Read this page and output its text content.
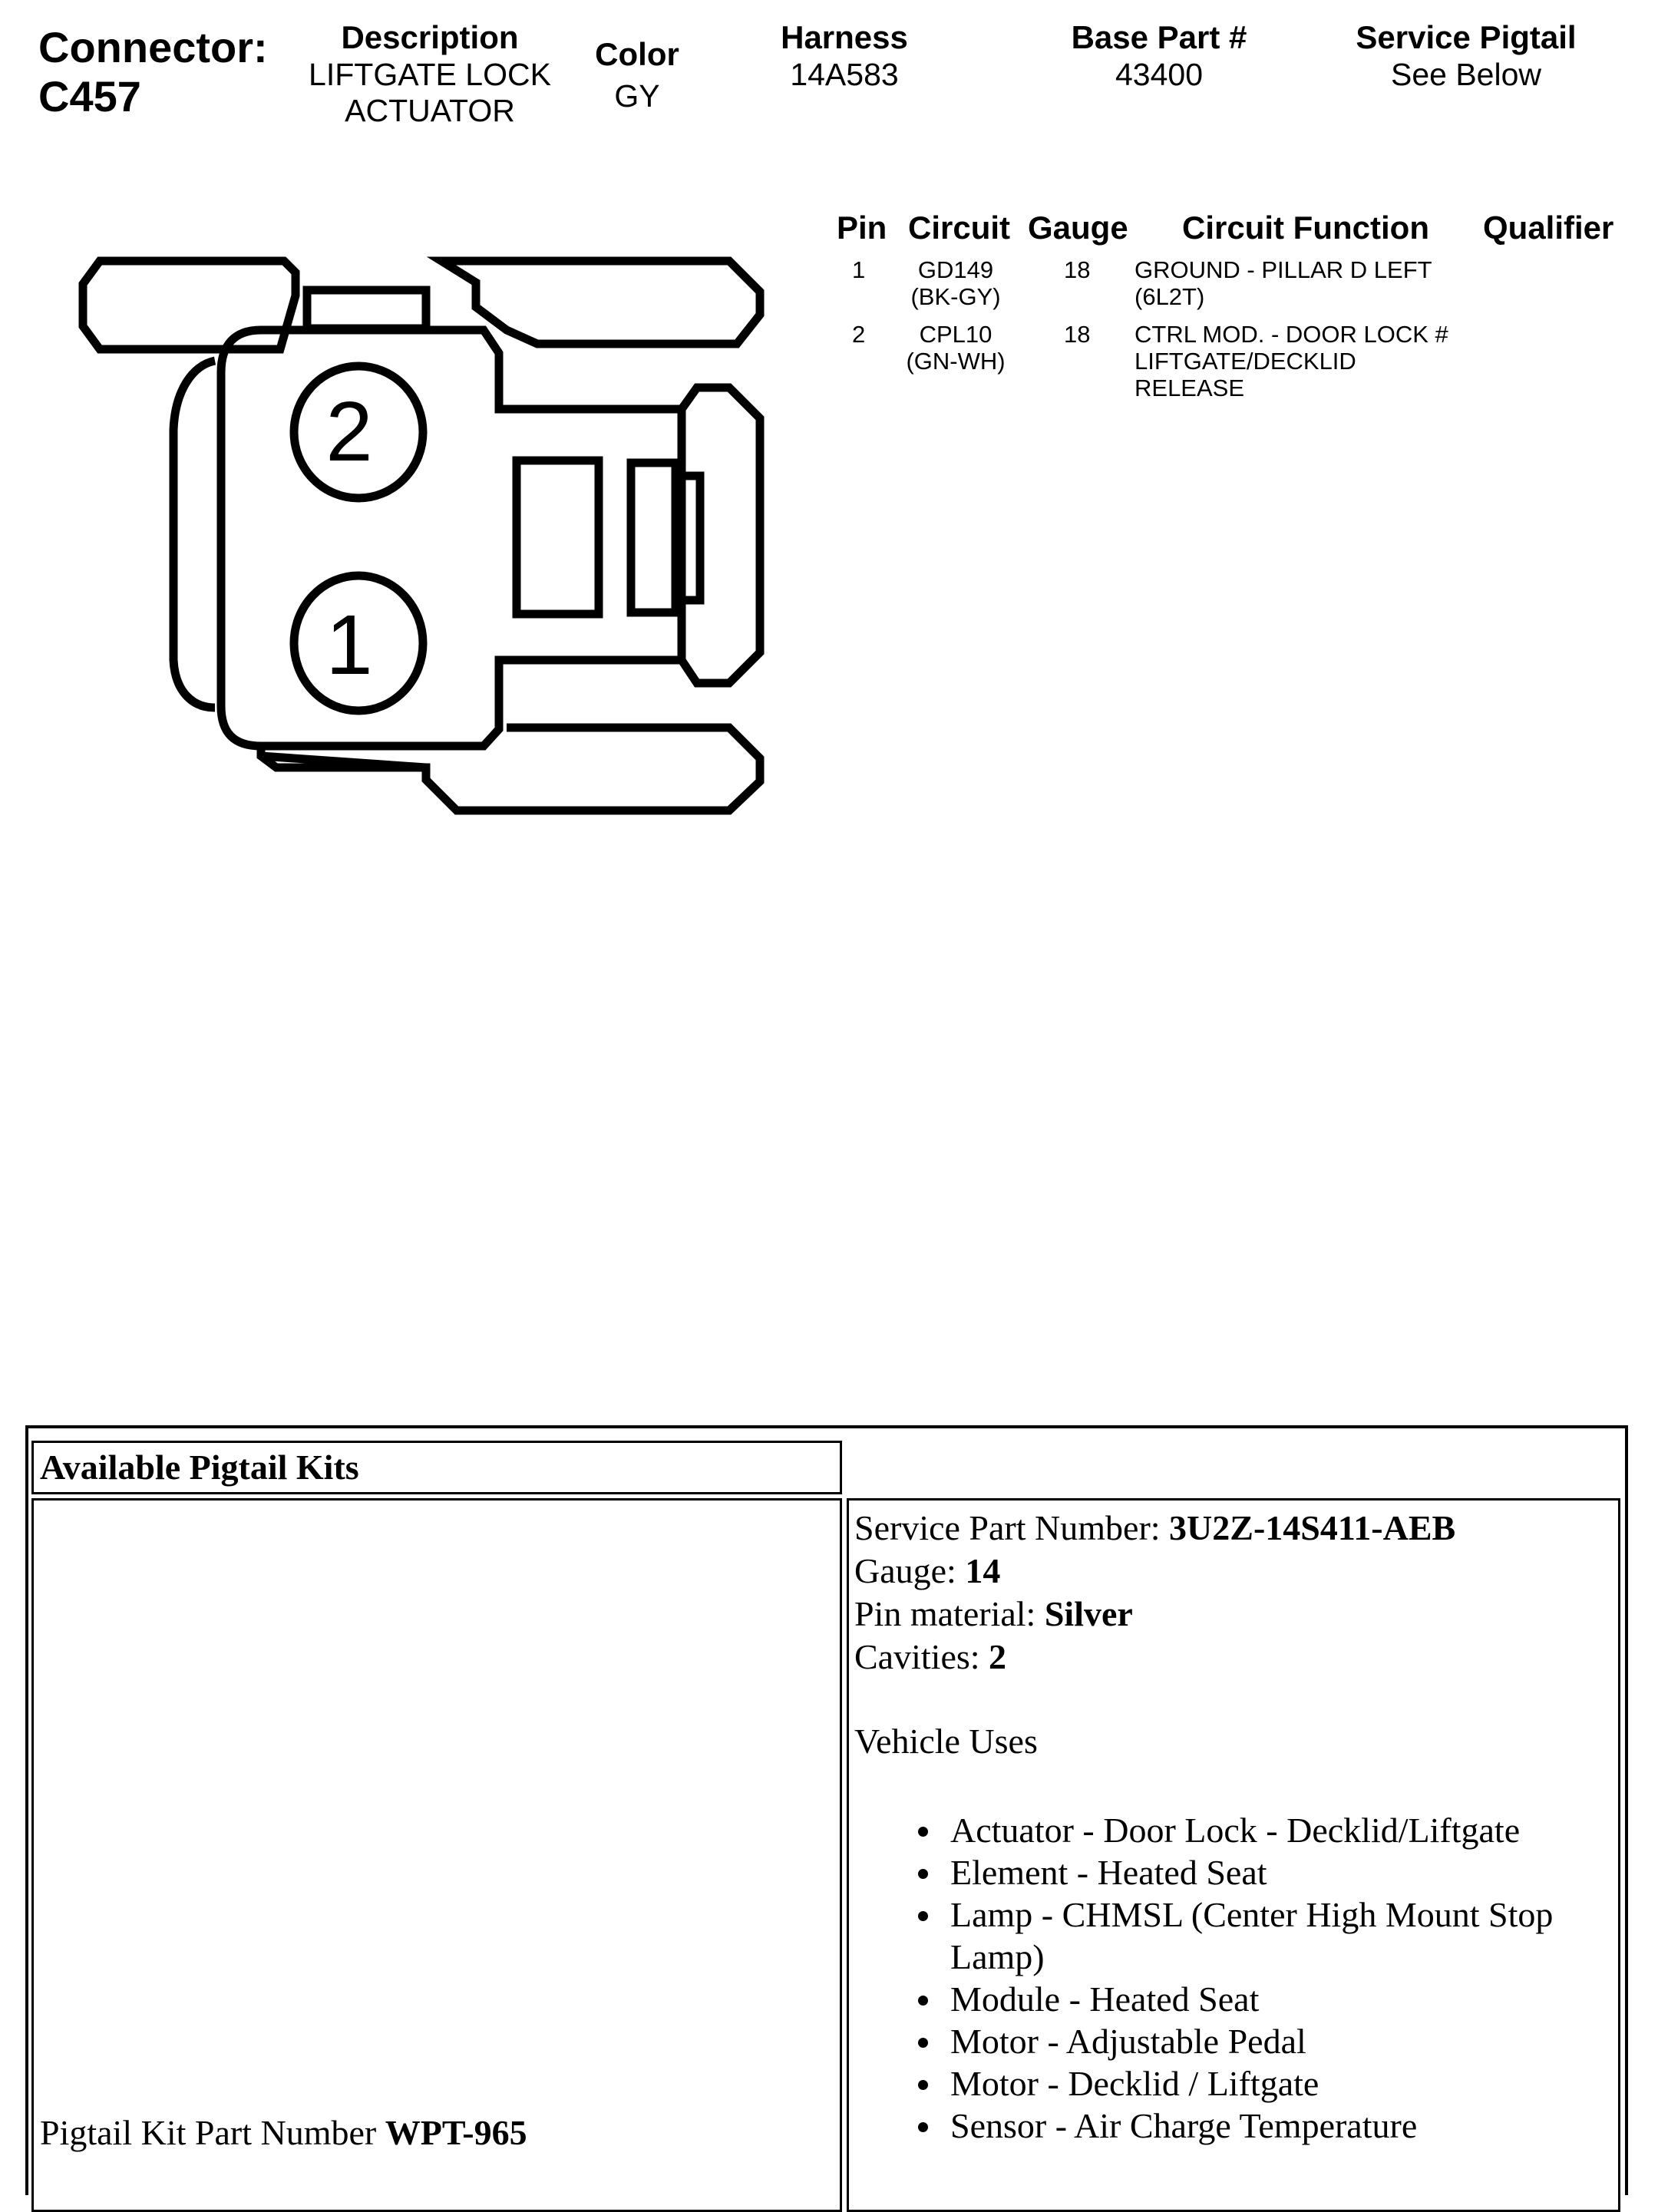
Connector:
C457
Description
LIFTGATE LOCK
ACTUATOR
Color
GY
Harness
14A583
Base Part #
43400
Service Pigtail
See Below
2
1
Pin Circuit Gauge Circuit Function Qualifier
1	GD149
(BK-GY)
18 GROUND - PILLAR D LEFT
(6L2T)
2	CPL10
(GN-WH)
18 CTRL MOD. - DOOR LOCK #
LIFTGATE/DECKLID
RELEASE
Available Pigtail Kits
Pigtail Kit Part Number WPT-965
Service Part Number: 3U2Z-14S411-AEB
Gauge: 14
Pin material: Silver
Cavities: 2
Vehicle Uses
Actuator - Door Lock - Decklid/Liftgate
Element - Heated Seat
Lamp - CHMSL (Center High Mount Stop Lamp)
Module - Heated Seat
Motor - Adjustable Pedal
Motor - Decklid / Liftgate
Sensor - Air Charge Temperature
